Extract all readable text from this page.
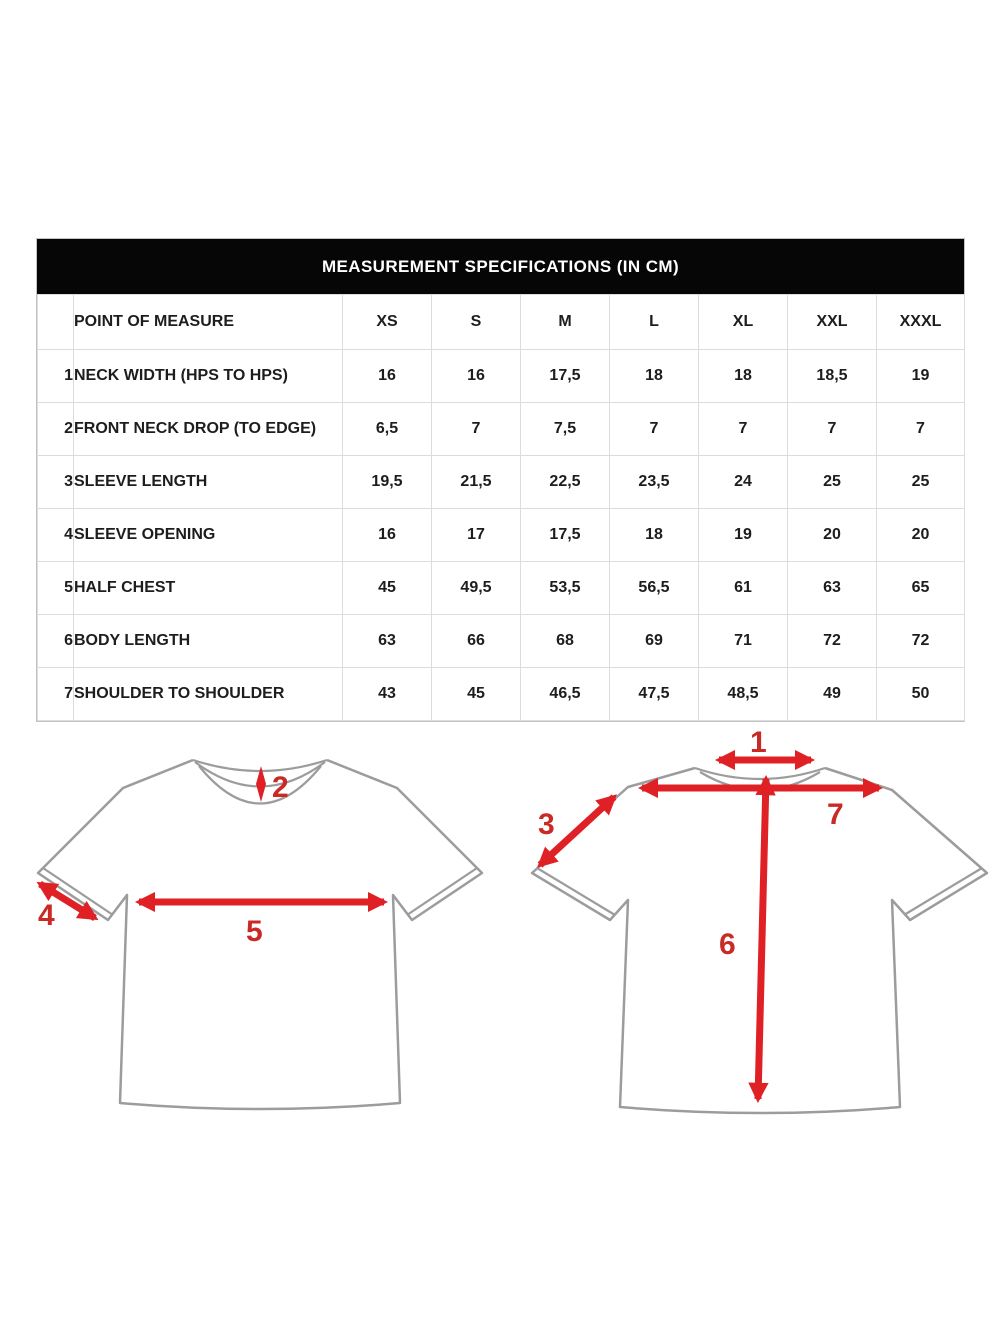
MEASUREMENT SPECIFICATIONS (IN CM)
	POINT OF MEASURE	XS	S	M	L	XL	XXL	XXXL
1	NECK WIDTH (HPS TO HPS)	16	16	17,5	18	18	18,5	19
2	FRONT NECK DROP (TO EDGE)	6,5	7	7,5	7	7	7	7
3	SLEEVE LENGTH	19,5	21,5	22,5	23,5	24	25	25
4	SLEEVE OPENING	16	17	17,5	18	19	20	20
5	HALF CHEST	45	49,5	53,5	56,5	61	63	65
6	BODY LENGTH	63	66	68	69	71	72	72
7	SHOULDER TO SHOULDER	43	45	46,5	47,5	48,5	49	50
2
4	5
1
3
6
7
